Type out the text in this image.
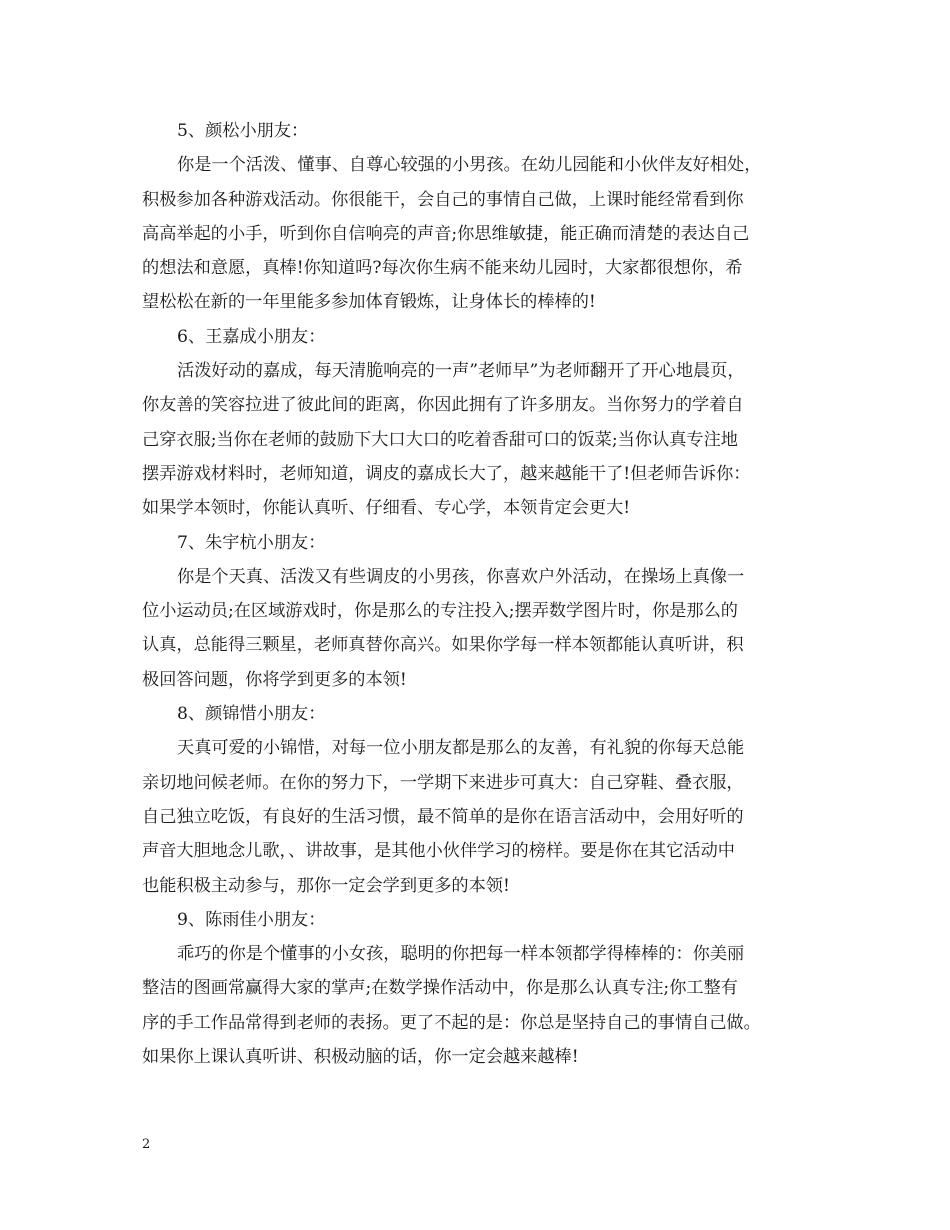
5、颜松小朋友：
你是一个活泼、懂事、自尊心较强的小男孩。在幼儿园能和小伙伴友好相处，
积极参加各种游戏活动。你很能干，会自己的事情自己做，上课时能经常看到你
高高举起的小手，听到你自信响亮的声音;你思维敏捷，能正确而清楚的表达自己
的想法和意愿，真棒!你知道吗?每次你生病不能来幼儿园时，大家都很想你，希
望松松在新的一年里能多参加体育锻炼，让身体长的棒棒的!
6、王嘉成小朋友：
活泼好动的嘉成，每天清脆响亮的一声”老师早”为老师翻开了开心地晨页，
你友善的笑容拉进了彼此间的距离，你因此拥有了许多朋友。当你努力的学着自
己穿衣服;当你在老师的鼓励下大口大口的吃着香甜可口的饭菜;当你认真专注地
摆弄游戏材料时，老师知道，调皮的嘉成长大了，越来越能干了!但老师告诉你：
如果学本领时，你能认真听、仔细看、专心学，本领肯定会更大!
7、朱宇杭小朋友：
你是个天真、活泼又有些调皮的小男孩，你喜欢户外活动，在操场上真像一
位小运动员;在区域游戏时，你是那么的专注投入;摆弄数学图片时，你是那么的
认真，总能得三颗星，老师真替你高兴。如果你学每一样本领都能认真听讲，积
极回答问题，你将学到更多的本领!
8、颜锦惜小朋友：
天真可爱的小锦惜，对每一位小朋友都是那么的友善，有礼貌的你每天总能
亲切地问候老师。在你的努力下，一学期下来进步可真大：自己穿鞋、叠衣服，
自己独立吃饭，有良好的生活习惯，最不简单的是你在语言活动中，会用好听的
声音大胆地念儿歌，、讲故事，是其他小伙伴学习的榜样。要是你在其它活动中
也能积极主动参与，那你一定会学到更多的本领!
9、陈雨佳小朋友：
乖巧的你是个懂事的小女孩，聪明的你把每一样本领都学得棒棒的：你美丽
整洁的图画常赢得大家的掌声;在数学操作活动中，你是那么认真专注;你工整有
序的手工作品常得到老师的表扬。更了不起的是：你总是坚持自己的事情自己做。
如果你上课认真听讲、积极动脑的话，你一定会越来越棒!
2
